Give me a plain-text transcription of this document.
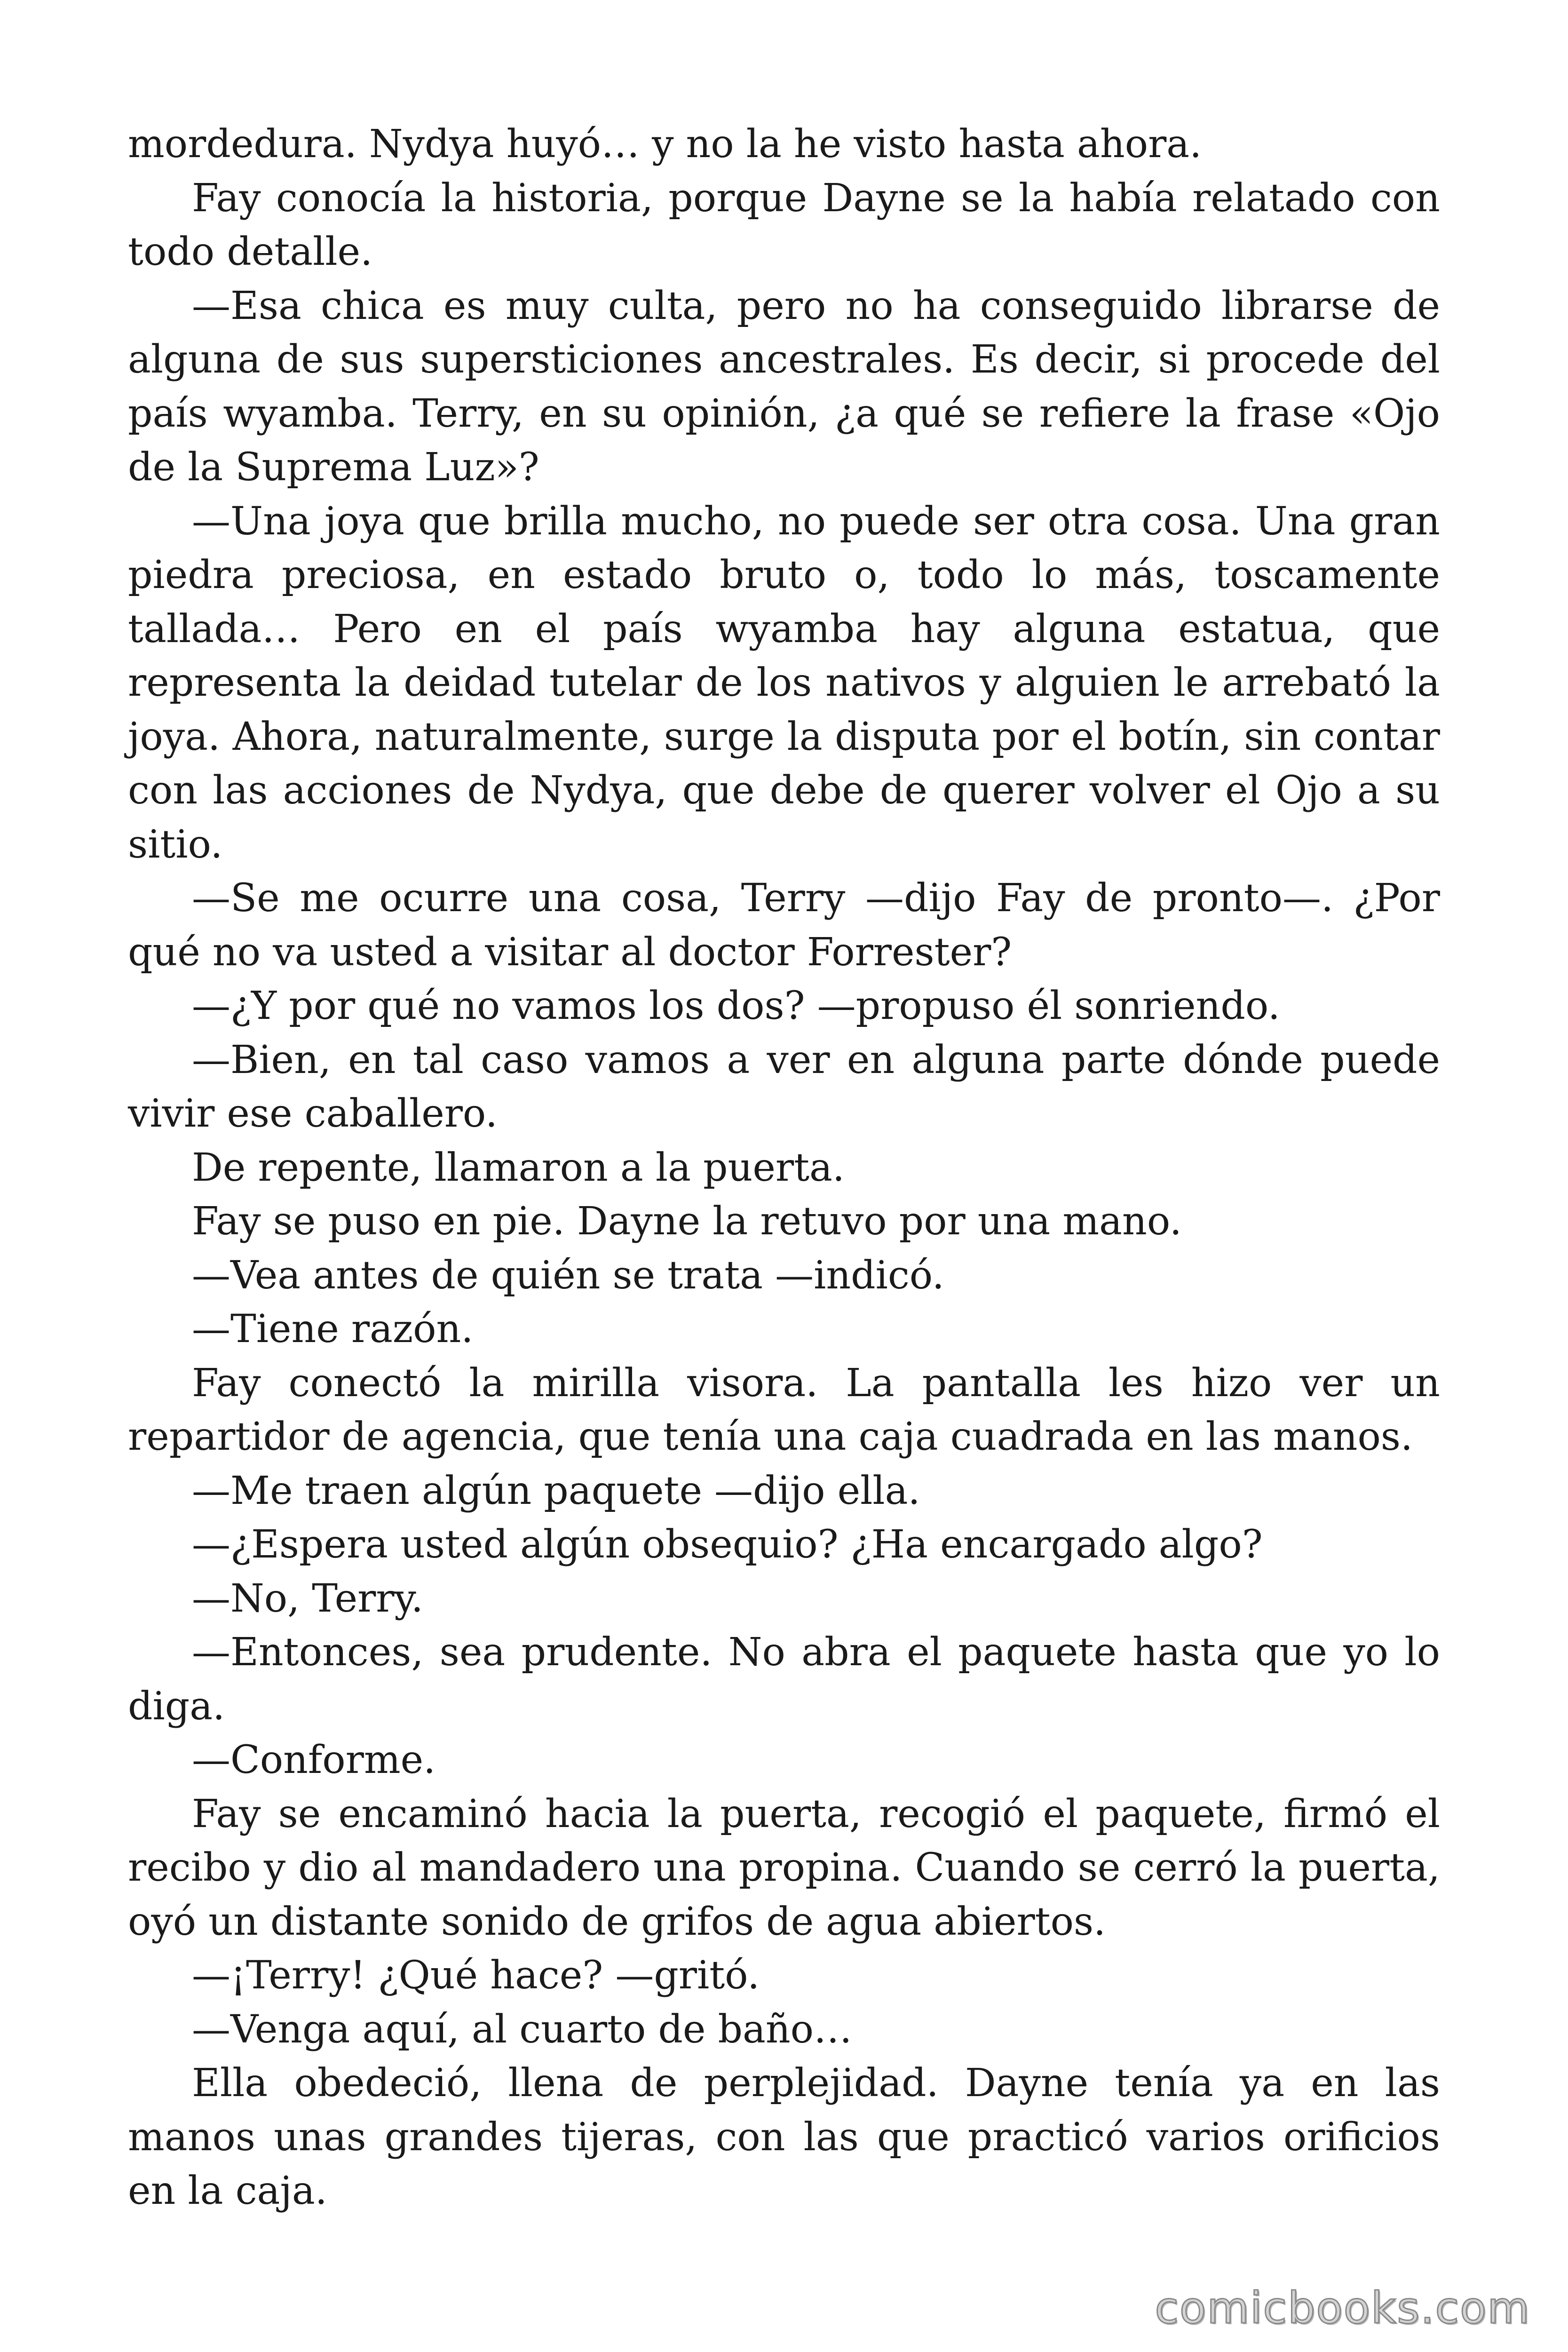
mordedura. Nydya huyó… y no la he visto hasta ahora.

Fay conocía la historia, porque Dayne se la había relatado con todo detalle.

—Esa chica es muy culta, pero no ha conseguido librarse de alguna de sus supersticiones ancestrales. Es decir, si procede del país wyamba. Terry, en su opinión, ¿a qué se refiere la frase «Ojo de la Suprema Luz»?

—Una joya que brilla mucho, no puede ser otra cosa. Una gran piedra preciosa, en estado bruto o, todo lo más, toscamente tallada… Pero en el país wyamba hay alguna estatua, que representa la deidad tutelar de los nativos y alguien le arrebató la joya. Ahora, naturalmente, surge la disputa por el botín, sin contar con las acciones de Nydya, que debe de querer volver el Ojo a su sitio.

—Se me ocurre una cosa, Terry —dijo Fay de pronto—. ¿Por qué no va usted a visitar al doctor Forrester?

—¿Y por qué no vamos los dos? —propuso él sonriendo.

—Bien, en tal caso vamos a ver en alguna parte dónde puede vivir ese caballero.

De repente, llamaron a la puerta.

Fay se puso en pie. Dayne la retuvo por una mano.

—Vea antes de quién se trata —indicó.

—Tiene razón.

Fay conectó la mirilla visora. La pantalla les hizo ver un repartidor de agencia, que tenía una caja cuadrada en las manos.

—Me traen algún paquete —dijo ella.

—¿Espera usted algún obsequio? ¿Ha encargado algo?

—No, Terry.

—Entonces, sea prudente. No abra el paquete hasta que yo lo diga.

—Conforme.

Fay se encaminó hacia la puerta, recogió el paquete, firmó el recibo y dio al mandadero una propina. Cuando se cerró la puerta, oyó un distante sonido de grifos de agua abiertos.

—¡Terry! ¿Qué hace? —gritó.

—Venga aquí, al cuarto de baño…

Ella obedeció, llena de perplejidad. Dayne tenía ya en las manos unas grandes tijeras, con las que practicó varios orificios en la caja.

comicbooks.com
